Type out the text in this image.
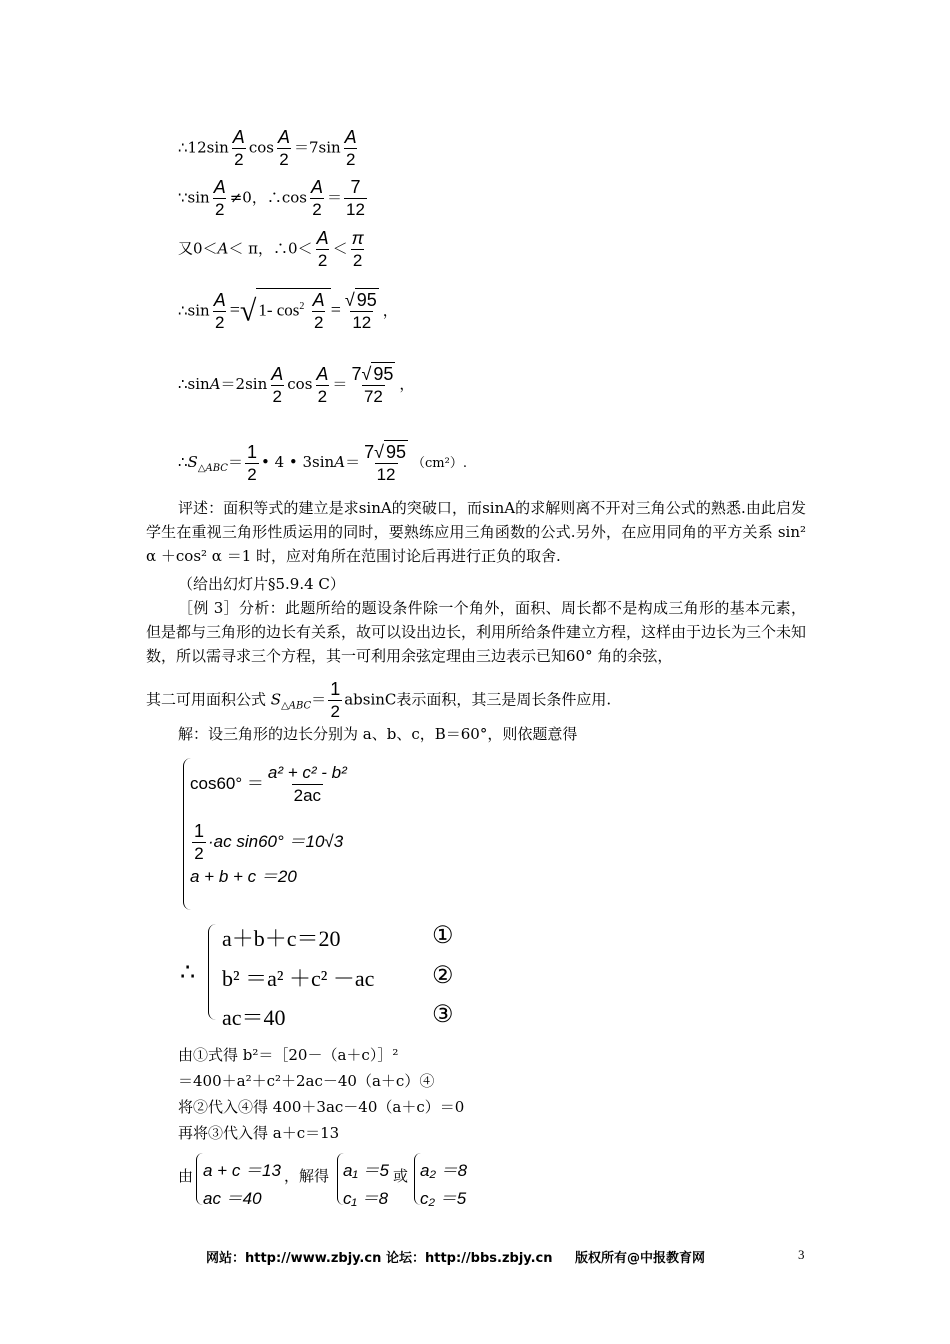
∴12sin $\frac{A}{2}$ $\cos \frac{A}{2} =7\sin \frac{A}{2}$
∵sin $\frac{A}{2} \ne 0$，∴cos $\frac{A}{2} = \frac{7}{12}$
又0＜A＜ π，∴0＜ $\frac{A}{2} < \frac{\pi}{2}$
∴sin $\frac{A}{2}$ =√ 1- $\cos^2 \frac{A}{2} = \frac{√ 95}{12}$ ，
∴sinA＝2sin $\frac{A}{2}$ $\cos \frac{A}{2} = \frac{7√ 95}{72}$ ，
$\therefore S_{\triangle ABC}= \frac{1}{2}$ • 4 • $3\sin A= \frac{7√ 95}{12} (cm^2)$.
评述：面积等式的建立是求sinA的突破口，而sinA的求解则离不开对三角公式的熟悉.由此启发学生在重视三角形性质运用的同时，要熟练应用三角函数的公式.另外，在应用同角的平方关系 sin² α ＋cos² α ＝1 时，应对角所在范围讨论后再进行正负的取舍.
（给出幻灯片§5.9.4 C）
［例 3］分析：此题所给的题设条件除一个角外，面积、周长都不是构成三角形的基本元素，但是都与三角形的边长有关系，故可以设出边长，利用所给条件建立方程，这样由于边长为三个未知数，所以需寻求三个方程，其一可利用余弦定理由三边表示已知60° 角的余弦，
其二可用面积公式 $S_{\triangle ABC}= \frac{1}{2}$ absinC表示面积，其三是周长条件应用.
解：设三角形的边长分别为 a、b、c，B＝60°，则依题意得
$\cos 60^\circ = \frac{\text{a² + c² - b²}}{2ac}$
$\frac{1}{2} \cdot ac$ sin60° ＝10√3
a + b + c ＝20
∴
a＋b＋c＝20
b² ＝a² ＋c² －ac
ac＝40
①
②
③
由①式得 b²＝［20－（a＋c）］²
＝400＋a²＋c²＋2ac－40（a＋c）④
将②代入④得 400＋3ac－40（a＋c）＝0
再将③代入得 a＋c＝13
由 a + c ＝13
ac ＝40
，解得 a₁ ＝5
c₁ ＝8
或 a₂ ＝8
c₂ ＝5
网站：http://www.zbjy.cn 论坛：http://bbs.zbjy.cn 版权所有@中报教育网	3
